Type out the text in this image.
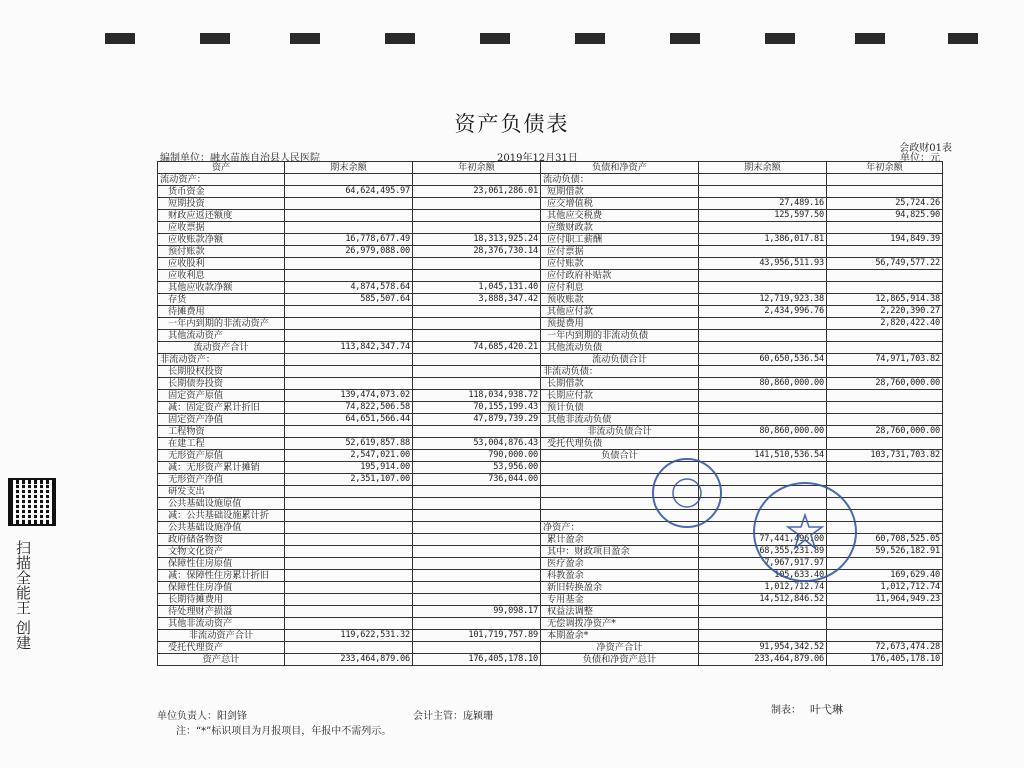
资产负债表
会政财01表
编制单位：融水苗族自治县人民医院	2019年12月31日	单位：元
资产	期末余额	年初余额	负债和净资产	期末余额	年初余额
流动资产：			流动负债：		
货币资金	64,624,495.97	23,061,286.01	短期借款		
短期投资			应交增值税	27,489.16	25,724.26
财政应返还额度			其他应交税费	125,597.50	94,825.90
应收票据			应缴财政款		
应收账款净额	16,778,677.49	18,313,925.24	应付职工薪酬	1,386,017.81	194,849.39
预付账款	26,979,088.00	28,376,730.14	应付票据		
应收股利			应付账款	43,956,511.93	56,749,577.22
应收利息			应付政府补贴款		
其他应收款净额	4,874,578.64	1,045,131.40	应付利息		
存货	585,507.64	3,888,347.42	预收账款	12,719,923.38	12,865,914.38
待摊费用			其他应付款	2,434,996.76	2,220,390.27
一年内到期的非流动资产			预提费用		2,820,422.40
其他流动资产			一年内到期的非流动负债		
流动资产合计	113,842,347.74	74,685,420.21	其他流动负债		
非流动资产：			流动负债合计	60,650,536.54	74,971,703.82
长期股权投资			非流动负债：		
长期债券投资			长期借款	80,860,000.00	28,760,000.00
固定资产原值	139,474,073.02	118,034,938.72	长期应付款		
减：固定资产累计折旧	74,822,506.58	70,155,199.43	预计负债		
固定资产净值	64,651,566.44	47,879,739.29	其他非流动负债		
工程物资			非流动负债合计	80,860,000.00	28,760,000.00
在建工程	52,619,857.88	53,004,876.43	受托代理负债		
无形资产原值	2,547,021.00	790,000.00	负债合计	141,510,536.54	103,731,703.82
减：无形资产累计摊销	195,914.00	53,956.00			
无形资产净值	2,351,107.00	736,044.00			
研发支出					
公共基础设施原值					
减：公共基础设施累计折					
公共基础设施净值			净资产：		
政府储备物资			累计盈余	77,441,496.00	60,708,525.05
文物文化资产			其中：财政项目盈余	68,355,231.89	59,526,182.91
保障性住房原值			医疗盈余	7,967,917.97	
减：保障性住房累计折旧			科教盈余	105,633.40	169,629.40
保障性住房净值			新旧转换盈余	1,012,712.74	1,012,712.74
长期待摊费用			专用基金	14,512,846.52	11,964,949.23
待处理财产损溢		99,098.17	权益法调整		
其他非流动资产			无偿调拨净资产*		
非流动资产合计	119,622,531.32	101,719,757.89	本期盈余*		
受托代理资产			净资产合计	91,954,342.52	72,673,474.28
资产总计	233,464,879.06	176,405,178.10	负债和净资产总计	233,464,879.06	176,405,178.10
单位负责人：阳剑锋	会计主管：庞颖珊
制表： 叶弋琳
注：“*”标识项目为月报项目，年报中不需列示。
扫描全能王 创建
